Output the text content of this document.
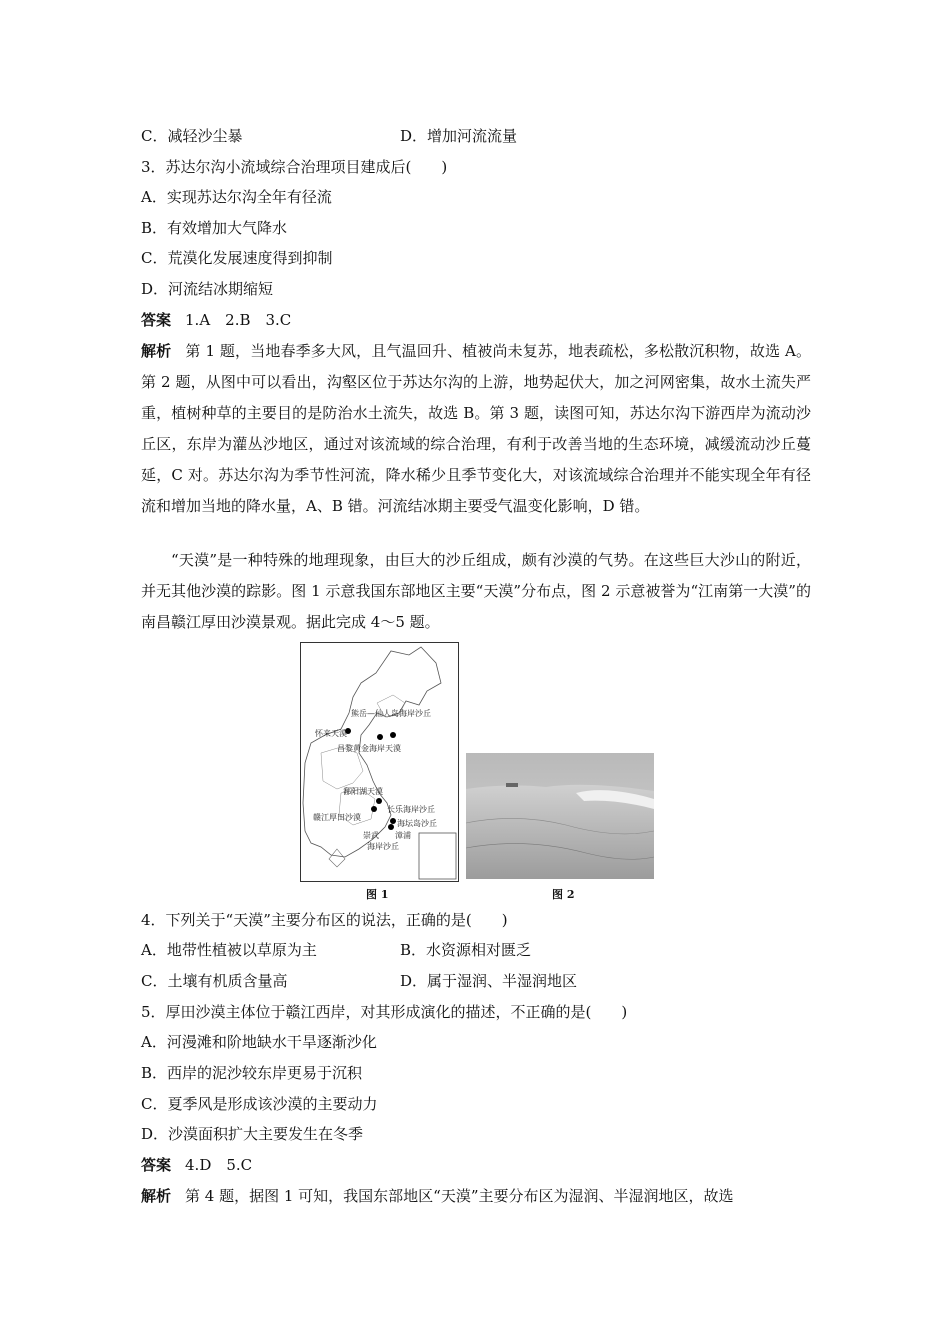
C．减轻沙尘暴	D．增加河流流量
3．苏达尔沟小流域综合治理项目建成后(　　)
A．实现苏达尔沟全年有径流
B．有效增加大气降水
C．荒漠化发展速度得到抑制
D．河流结冰期缩短
答案 1.A　2.B　3.C
解析 第 1 题，当地春季多大风，且气温回升、植被尚未复苏，地表疏松，多松散沉积物，故选 A。第 2 题，从图中可以看出，沟壑区位于苏达尔沟的上游，地势起伏大，加之河网密集，故水土流失严重，植树种草的主要目的是防治水土流失，故选 B。第 3 题，读图可知，苏达尔沟下游西岸为流动沙丘区，东岸为灌丛沙地区，通过对该流域的综合治理，有利于改善当地的生态环境，减缓流动沙丘蔓延，C 对。苏达尔沟为季节性河流，降水稀少且季节变化大，对该流域综合治理并不能实现全年有径流和增加当地的降水量，A、B 错。河流结冰期主要受气温变化影响，D 错。
“天漠”是一种特殊的地理现象，由巨大的沙丘组成，颇有沙漠的气势。在这些巨大沙山的附近，并无其他沙漠的踪影。图 1 示意我国东部地区主要“天漠”分布点，图 2 示意被誉为“江南第一大漠”的南昌赣江厚田沙漠景观。据此完成 4～5 题。
熊岳—仙人岛海岸沙丘
怀来天漠
昌黎黄金海岸天漠
鄱阳湖天漠
长乐海岸沙丘
赣江厚田沙漠
海坛岛沙丘
崇武 漳浦
海岸沙丘
图 1	图 2
4．下列关于“天漠”主要分布区的说法，正确的是(　　)
A．地带性植被以草原为主	B．水资源相对匮乏
C．土壤有机质含量高	D．属于湿润、半湿润地区
5．厚田沙漠主体位于赣江西岸，对其形成演化的描述，不正确的是(　　)
A．河漫滩和阶地缺水干旱逐渐沙化
B．西岸的泥沙较东岸更易于沉积
C．夏季风是形成该沙漠的主要动力
D．沙漠面积扩大主要发生在冬季
答案 4.D　5.C
解析 第 4 题，据图 1 可知，我国东部地区“天漠”主要分布区为湿润、半湿润地区，故选
